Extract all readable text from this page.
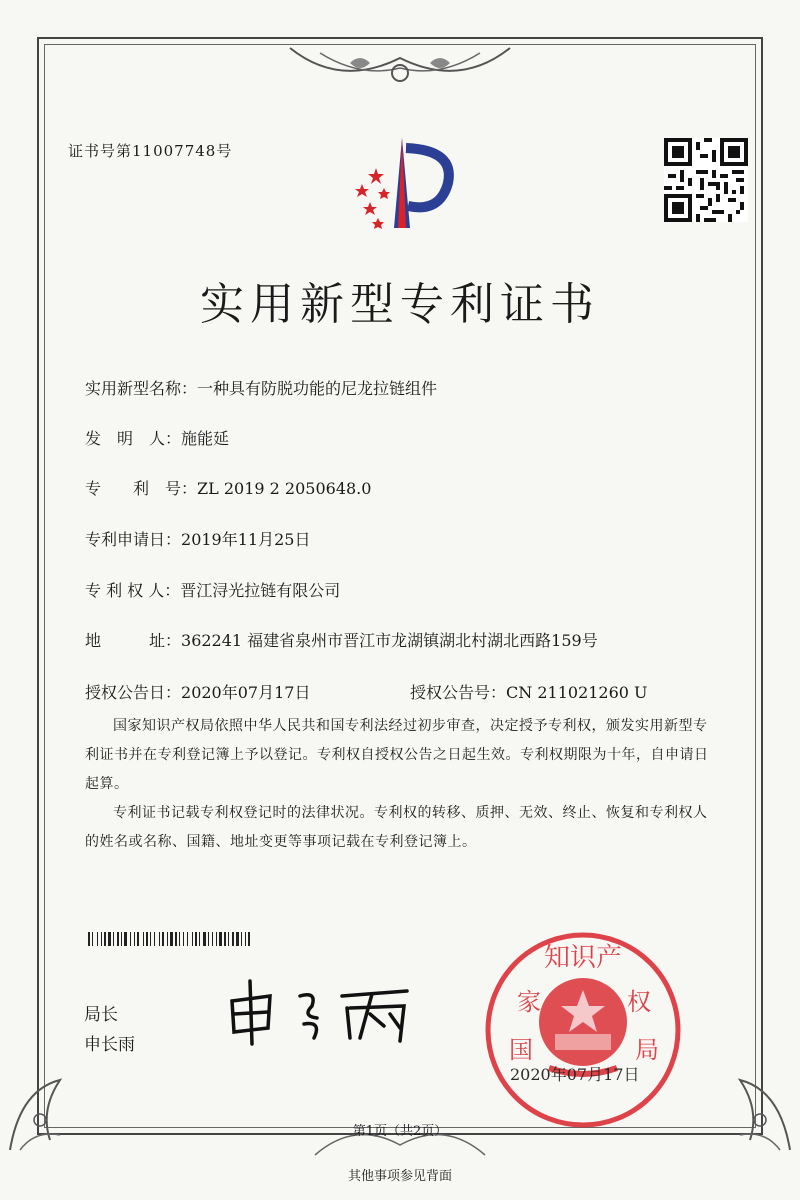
证书号第11007748号
实用新型专利证书
实用新型名称：一种具有防脱功能的尼龙拉链组件
发　明　人：施能延
专　　利　号：ZL 2019 2 2050648.0
专利申请日：2019年11月25日
专 利 权 人：晋江浔光拉链有限公司
地　　　址：362241 福建省泉州市晋江市龙湖镇湖北村湖北西路159号
授权公告日：2020年07月17日	授权公告号：CN 211021260 U
国家知识产权局依照中华人民共和国专利法经过初步审查，决定授予专利权，颁发实用新型专利证书并在专利登记簿上予以登记。专利权自授权公告之日起生效。专利权期限为十年，自申请日起算。
专利证书记载专利权登记时的法律状况。专利权的转移、质押、无效、终止、恢复和专利权人的姓名或名称、国籍、地址变更等事项记载在专利登记簿上。
局长
申长雨
知识产
家	权
国	局
2020年07月17日
第1页（共2页）
其他事项参见背面
